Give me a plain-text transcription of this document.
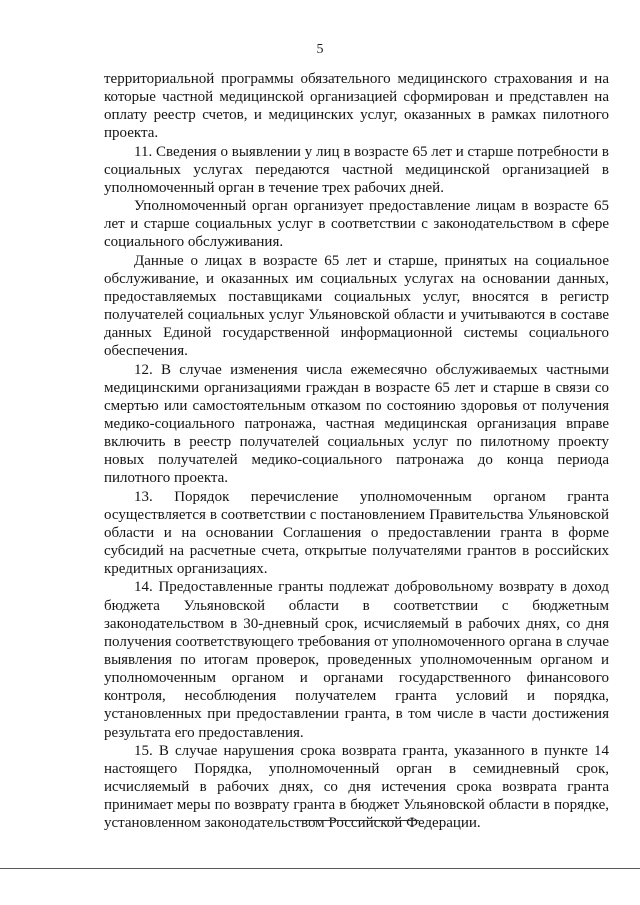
5

территориальной программы обязательного медицинского страхования и на которые частной медицинской организацией сформирован и представлен на оплату реестр счетов, и медицинских услуг, оказанных в рамках пилотного проекта.

11. Сведения о выявлении у лиц в возрасте 65 лет и старше потребности в социальных услугах передаются частной медицинской организацией в уполномоченный орган в течение трех рабочих дней.

Уполномоченный орган организует предоставление лицам в возрасте 65 лет и старше социальных услуг в соответствии с законодательством в сфере социального обслуживания.

Данные о лицах в возрасте 65 лет и старше, принятых на социальное обслуживание, и оказанных им социальных услугах на основании данных, предоставляемых поставщиками социальных услуг, вносятся в регистр получателей социальных услуг Ульяновской области и учитываются в составе данных Единой государственной информационной системы социального обеспечения.

12. В случае изменения числа ежемесячно обслуживаемых частными медицинскими организациями граждан в возрасте 65 лет и старше в связи со смертью или самостоятельным отказом по состоянию здоровья от получения медико-социального патронажа, частная медицинская организация вправе включить в реестр получателей социальных услуг по пилотному проекту новых получателей медико-социального патронажа до конца периода пилотного проекта.

13. Порядок перечисление уполномоченным органом гранта осуществляется в соответствии с постановлением Правительства Ульяновской области и на основании Соглашения о предоставлении гранта в форме субсидий на расчетные счета, открытые получателями грантов в российских кредитных организациях.

14. Предоставленные гранты подлежат добровольному возврату в доход бюджета Ульяновской области в соответствии с бюджетным законодательством в 30-дневный срок, исчисляемый в рабочих днях, со дня получения соответствующего требования от уполномоченного органа в случае выявления по итогам проверок, проведенных уполномоченным органом и уполномоченным органом и органами государственного финансового контроля, несоблюдения получателем гранта условий и порядка, установленных при предоставлении гранта, в том числе в части достижения результата его предоставления.

15. В случае нарушения срока возврата гранта, указанного в пункте 14 настоящего Порядка, уполномоченный орган в семидневный срок, исчисляемый в рабочих днях, со дня истечения срока возврата гранта принимает меры по возврату гранта в бюджет Ульяновской области в порядке, установленном законодательством Российской Федерации.
